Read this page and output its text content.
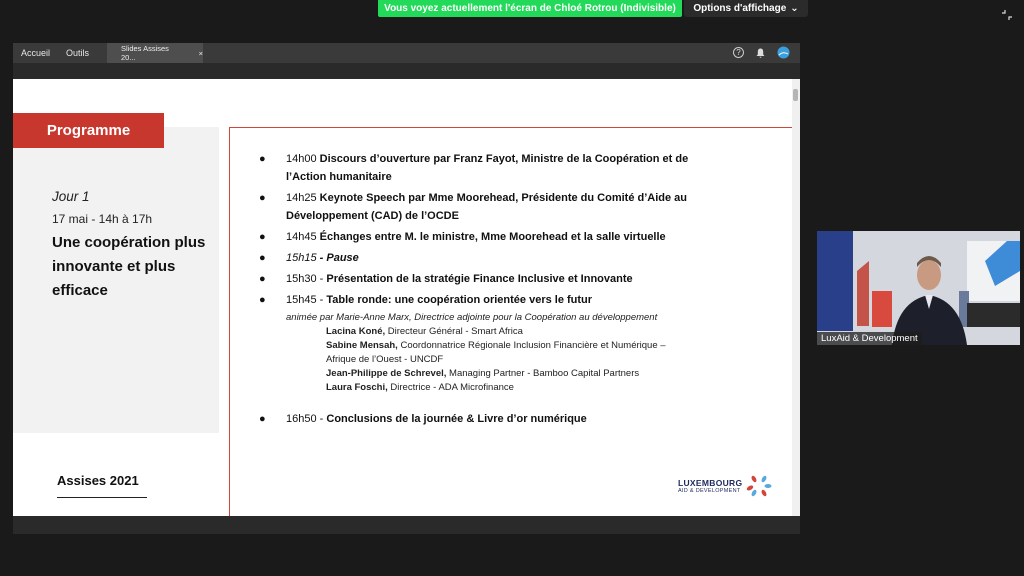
Vous voyez actuellement l'écran de Chloé Rotrou (Indivisible)	Options d'affichage ⌄
Accueil	Outils	Slides Assises 20...	×	?
Programme
Jour 1
17 mai - 14h à 17h
Une coopération plus innovante et plus efficace
Assises 2021
●	14h00 Discours d’ouverture par Franz Fayot, Ministre de la Coopération et de l’Action humanitaire
●	14h25 Keynote Speech par Mme Moorehead, Présidente du Comité d’Aide au Développement (CAD) de l’OCDE
●	14h45 Échanges entre M. le ministre, Mme Moorehead et la salle virtuelle
●	15h15 - Pause
●	15h30 - Présentation de la stratégie Finance Inclusive et Innovante
●	15h45 - Table ronde: une coopération orientée vers le futur
animée par Marie-Anne Marx, Directrice adjointe pour la Coopération au développement
Lacina Koné, Directeur Général - Smart Africa
Sabine Mensah, Coordonnatrice Régionale Inclusion Financière et Numérique –
Afrique de l’Ouest - UNCDF
Jean-Philippe de Schrevel, Managing Partner - Bamboo Capital Partners
Laura Foschi, Directrice - ADA Microfinance
●	16h50 - Conclusions de la journée & Livre d’or numérique
LUXEMBOURG
AID & DEVELOPMENT
LuxAid & Development
